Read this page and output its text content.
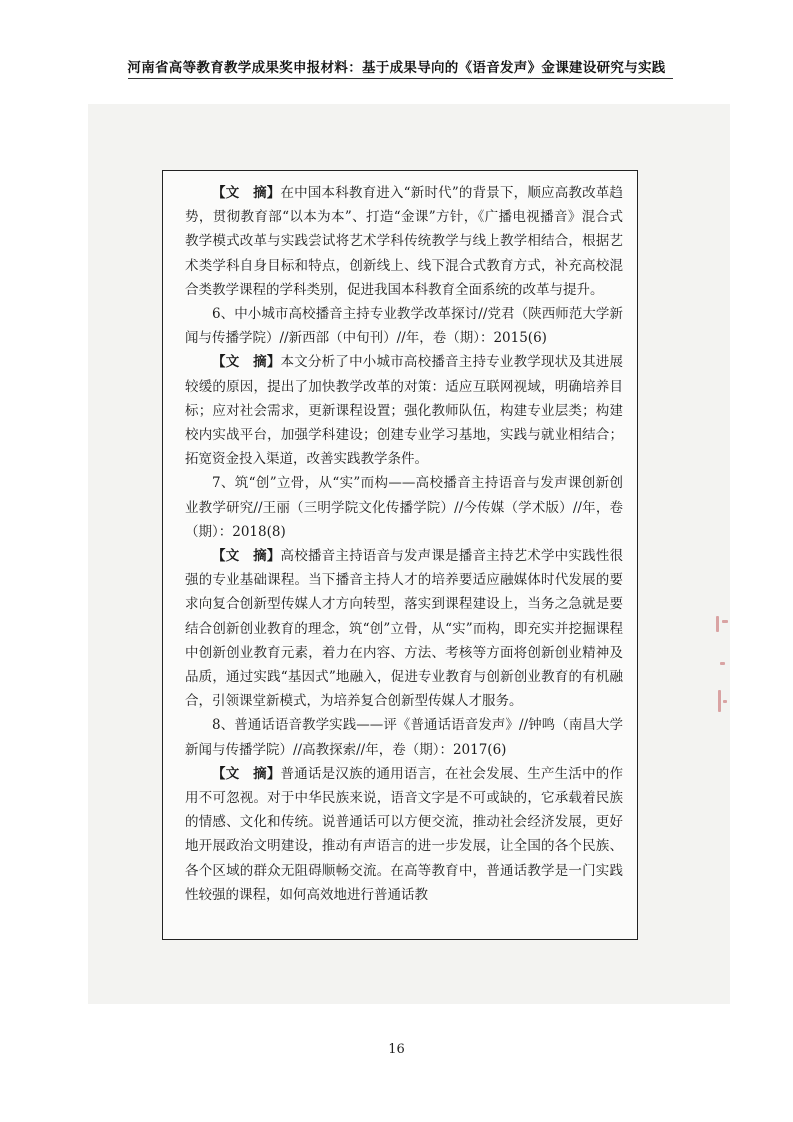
河南省高等教育教学成果奖申报材料：基于成果导向的《语音发声》金课建设研究与实践

【文　摘】在中国本科教育进入“新时代”的背景下，顺应高教改革趋势，贯彻教育部“以本为本”、打造“金课”方针，《广播电视播音》混合式教学模式改革与实践尝试将艺术学科传统教学与线上教学相结合，根据艺术类学科自身目标和特点，创新线上、线下混合式教育方式，补充高校混合类教学课程的学科类别，促进我国本科教育全面系统的改革与提升。

6、中小城市高校播音主持专业教学改革探讨//党君（陕西师范大学新闻与传播学院）//新西部（中旬刊）//年，卷（期）：2015(6)

【文　摘】本文分析了中小城市高校播音主持专业教学现状及其进展较缓的原因，提出了加快教学改革的对策：适应互联网视域，明确培养目标；应对社会需求，更新课程设置；强化教师队伍，构建专业层类；构建校内实战平台，加强学科建设；创建专业学习基地，实践与就业相结合；拓宽资金投入渠道，改善实践教学条件。

7、筑“创”立骨，从“实”而构——高校播音主持语音与发声课创新创业教学研究//王丽（三明学院文化传播学院）//今传媒（学术版）//年，卷（期）：2018(8)

【文　摘】高校播音主持语音与发声课是播音主持艺术学中实践性很强的专业基础课程。当下播音主持人才的培养要适应融媒体时代发展的要求向复合创新型传媒人才方向转型，落实到课程建设上，当务之急就是要结合创新创业教育的理念，筑“创”立骨，从“实”而构，即充实并挖掘课程中创新创业教育元素，着力在内容、方法、考核等方面将创新创业精神及品质，通过实践“基因式”地融入，促进专业教育与创新创业教育的有机融合，引领课堂新模式，为培养复合创新型传媒人才服务。

8、普通话语音教学实践——评《普通话语音发声》//钟鸣（南昌大学新闻与传播学院）//高教探索//年，卷（期）：2017(6)

【文　摘】普通话是汉族的通用语言，在社会发展、生产生活中的作用不可忽视。对于中华民族来说，语音文字是不可或缺的，它承载着民族的情感、文化和传统。说普通话可以方便交流，推动社会经济发展，更好地开展政治文明建设，推动有声语言的进一步发展，让全国的各个民族、各个区域的群众无阻碍顺畅交流。在高等教育中，普通话教学是一门实践性较强的课程，如何高效地进行普通话教

16
